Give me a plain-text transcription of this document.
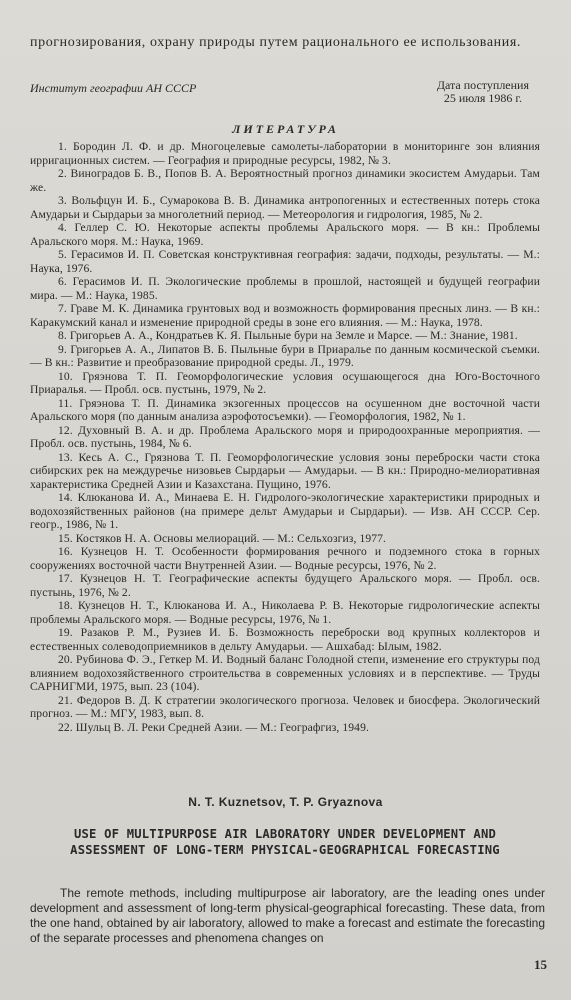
прогнозирования, охрану природы путем рационального ее использования.
Институт географии АН СССР	Дата поступления
25 июля 1986 г.
ЛИТЕРАТУРА
1. Бородин Л. Ф. и др. Многоцелевые самолеты-лаборатории в мониторинге зон влияния ирригационных систем. — География и природные ресурсы, 1982, № 3.
2. Виноградов Б. В., Попов В. А. Вероятностный прогноз динамики экосистем Амударьи. Там же.
3. Вольфцун И. Б., Сумарокова В. В. Динамика антропогенных и естественных потерь стока Амударьи и Сырдарьи за многолетний период. — Метеорология и гидрология, 1985, № 2.
4. Геллер С. Ю. Некоторые аспекты проблемы Аральского моря. — В кн.: Проблемы Аральского моря. М.: Наука, 1969.
5. Герасимов И. П. Советская конструктивная география: задачи, подходы, результаты. — М.: Наука, 1976.
6. Герасимов И. П. Экологические проблемы в прошлой, настоящей и будущей географии мира. — М.: Наука, 1985.
7. Граве М. К. Динамика грунтовых вод и возможность формирования пресных линз. — В кн.: Каракумский канал и изменение природной среды в зоне его влияния. — М.: Наука, 1978.
8. Григорьев А. А., Кондратьев К. Я. Пыльные бури на Земле и Марсе. — М.: Знание, 1981.
9. Григорьев А. А., Липатов В. Б. Пыльные бури в Приаралье по данным космической съемки. — В кн.: Развитие и преобразование природной среды. Л., 1979.
10. Гряэнова Т. П. Геоморфологические условия осушающегося дна Юго-Восточного Приаралья. — Пробл. осв. пустынь, 1979, № 2.
11. Гряэнова Т. П. Динамика экзогенных процессов на осушенном дне восточной части Аральского моря (по данным анализа аэрофотосъемки). — Геоморфология, 1982, № 1.
12. Духовный В. А. и др. Проблема Аральского моря и природоохранные мероприятия. — Пробл. осв. пустынь, 1984, № 6.
13. Кесь А. С., Грязнова Т. П. Геоморфологические условия зоны переброски части стока сибирских рек на междуречье низовьев Сырдарьи — Амударьи. — В кн.: Природно-мелиоративная характеристика Средней Азии и Казахстана. Пущино, 1976.
14. Клюканова И. А., Минаева Е. Н. Гидролого-экологические характеристики природных и водохозяйственных районов (на примере дельт Амударьи и Сырдарьи). — Изв. АН СССР. Сер. геогр., 1986, № 1.
15. Костяков Н. А. Основы мелиораций. — М.: Сельхозгиз, 1977.
16. Кузнецов Н. Т. Особенности формирования речного и подземного стока в горных сооружениях восточной части Внутренней Азии. — Водные ресурсы, 1976, № 2.
17. Кузнецов Н. Т. Географические аспекты будущего Аральского моря. — Пробл. осв. пустынь, 1976, № 2.
18. Кузнецов Н. Т., Клюканова И. А., Николаева Р. В. Некоторые гидрологические аспекты проблемы Аральского моря. — Водные ресурсы, 1976, № 1.
19. Разаков Р. М., Рузиев И. Б. Возможность переброски вод крупных коллекторов и естественных солеводоприемников в дельту Амударьи. — Ашхабад: Ылым, 1982.
20. Рубинова Ф. Э., Геткер М. И. Водный баланс Голодной степи, изменение его структуры под влиянием водохозяйственного строительства в современных условиях и в перспективе. — Труды САРНИГМИ, 1975, вып. 23 (104).
21. Федоров В. Д. К стратегии экологического прогноза. Человек и биосфера. Экологический прогноз. — М.: МГУ, 1983, вып. 8.
22. Шульц В. Л. Реки Средней Азии. — М.: Географгиз, 1949.
N. T. Kuznetsov, T. P. Gryaznova
USE OF MULTIPURPOSE AIR LABORATORY UNDER DEVELOPMENT AND ASSESSMENT OF LONG-TERM PHYSICAL-GEOGRAPHICAL FORECASTING
The remote methods, including multipurpose air laboratory, are the leading ones under development and assessment of long-term physical-geographical forecasting. These data, from the one hand, obtained by air laboratory, allowed to make a forecast and estimate the forecasting of the separate processes and phenomena changes on
15
